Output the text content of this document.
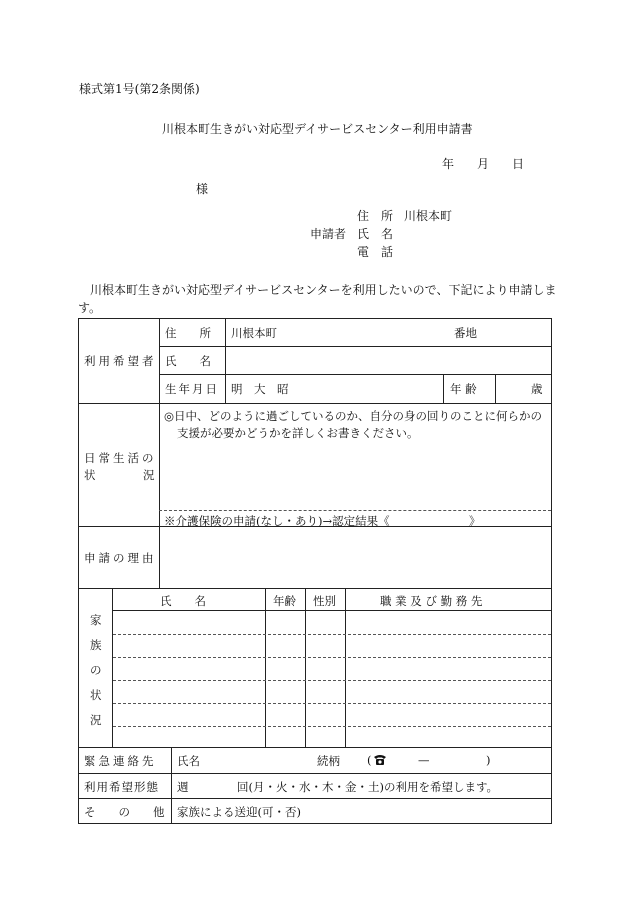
様式第1号(第2条関係)
川根本町生きがい対応型デイサービスセンター利用申請書
年 月 日
様
住　所 川根本町
申請者 氏　名
電　話
川根本町生きがい対応型デイサービスセンターを利用したいので、下記により申請しま
す。
利用希望者
住　　所 川根本町	番地
氏　　名
生年月日 明　大　昭	年 齢	歳
日常生活の
状	況
◎日中、どのように過ごしているのか、自分の身の回りのことに何らかの
支援が必要かどうかを詳しくお書きください。
※介護保険の申請(なし・あり)→認定結果《	》
申請の理由
家
族
の
状
況
氏　　名	年齢 性別	職 業 及 び 勤 務 先
緊急連絡先 氏名	続柄 (	—	)
利用希望形態 週	回(月・火・水・木・金・土)の利用を希望します。
そ　　の　　他 家族による送迎(可・否)
